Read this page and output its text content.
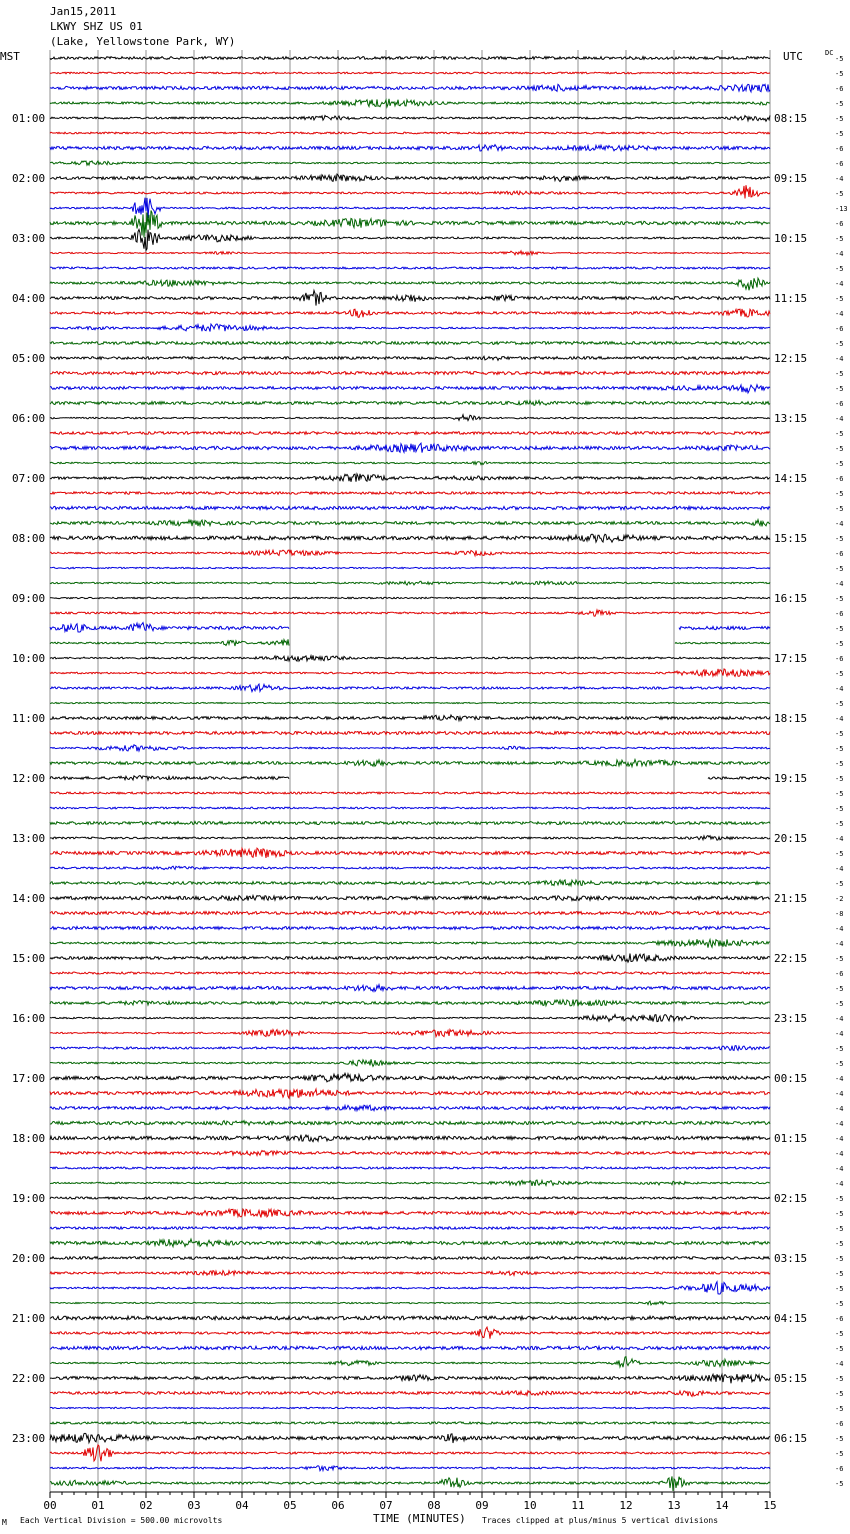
Jan15,2011
LKWY SHZ US 01
(Lake, Yellowstone Park, WY)
MST	UTC	DC
-5
-5
-6
-5
-5
-5
-6
-6
-4
-5
-13
-6
-5
-4
-5
-4
-5
-4
-6
-5
-4
-5
-5
-6
-4
-5
-5
-5
-6
-5
-5
-4
-5
-6
-5
-4
-5
-6
-5
-5
-6
-5
-4
-5
-4
-5
-5
-5
-5
-5
-5
-5
-4
-5
-4
-5
-2
-8
-4
-4
-5
-6
-5
-5
-4
-4
-5
-5
-4
-4
-4
-4
-4
-4
-4
-4
-5
-5
-5
-5
-5
-5
-5
-5
-6
-5
-5
-4
-5
-5
-5
-6
-5
-5
-6
-5
01:00
02:00
03:00
04:00
05:00
06:00
07:00
08:00
09:00
10:00
11:00
12:00
13:00
14:00
15:00
16:00
17:00
18:00
19:00
20:00
21:00
22:00
23:00
08:15
09:15
10:15
11:15
12:15
13:15
14:15
15:15
16:15
17:15
18:15
19:15
20:15
21:15
22:15
23:15
00:15
01:15
02:15
03:15
04:15
05:15
06:15
00	01	02	03	04	05	06	07	08	09	10	11	12	13	14	15
TIME (MINUTES)
M Each Vertical Division = 500.00 microvolts	Traces clipped at plus/minus 5 vertical divisions
